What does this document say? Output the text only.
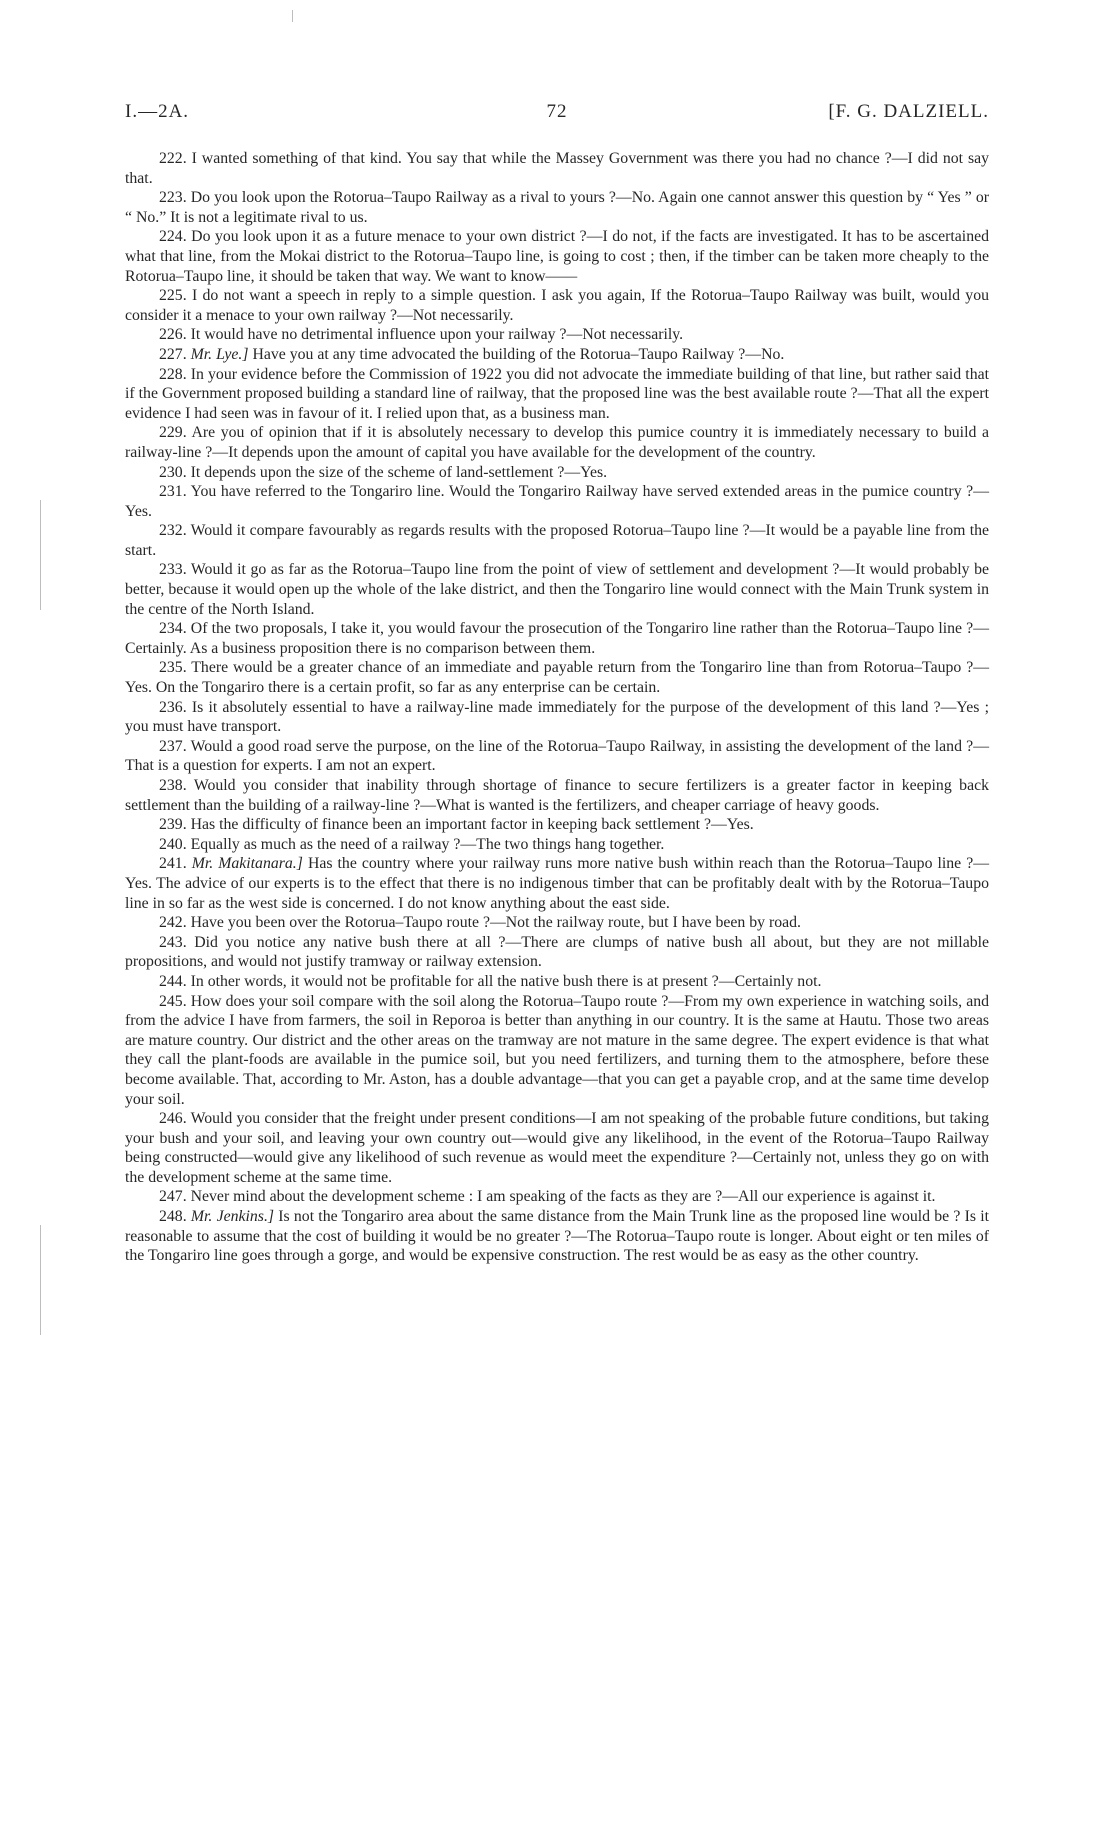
I.—2A.	72	[F. G. DALZIELL.

222. I wanted something of that kind. You say that while the Massey Government was there you had no chance ?—I did not say that.

223. Do you look upon the Rotorua–Taupo Railway as a rival to yours ?—No. Again one cannot answer this question by “ Yes ” or “ No.” It is not a legitimate rival to us.

224. Do you look upon it as a future menace to your own district ?—I do not, if the facts are investigated. It has to be ascertained what that line, from the Mokai district to the Rotorua–Taupo line, is going to cost ; then, if the timber can be taken more cheaply to the Rotorua–Taupo line, it should be taken that way. We want to know——

225. I do not want a speech in reply to a simple question. I ask you again, If the Rotorua–Taupo Railway was built, would you consider it a menace to your own railway ?—Not necessarily.

226. It would have no detrimental influence upon your railway ?—Not necessarily.

227. Mr. Lye.] Have you at any time advocated the building of the Rotorua–Taupo Railway ?—No.

228. In your evidence before the Commission of 1922 you did not advocate the immediate building of that line, but rather said that if the Government proposed building a standard line of railway, that the proposed line was the best available route ?—That all the expert evidence I had seen was in favour of it. I relied upon that, as a business man.

229. Are you of opinion that if it is absolutely necessary to develop this pumice country it is immediately necessary to build a railway-line ?—It depends upon the amount of capital you have available for the development of the country.

230. It depends upon the size of the scheme of land-settlement ?—Yes.

231. You have referred to the Tongariro line. Would the Tongariro Railway have served extended areas in the pumice country ?—Yes.

232. Would it compare favourably as regards results with the proposed Rotorua–Taupo line ?—It would be a payable line from the start.

233. Would it go as far as the Rotorua–Taupo line from the point of view of settlement and development ?—It would probably be better, because it would open up the whole of the lake district, and then the Tongariro line would connect with the Main Trunk system in the centre of the North Island.

234. Of the two proposals, I take it, you would favour the prosecution of the Tongariro line rather than the Rotorua–Taupo line ?—Certainly. As a business proposition there is no comparison between them.

235. There would be a greater chance of an immediate and payable return from the Tongariro line than from Rotorua–Taupo ?—Yes. On the Tongariro there is a certain profit, so far as any enterprise can be certain.

236. Is it absolutely essential to have a railway-line made immediately for the purpose of the development of this land ?—Yes ; you must have transport.

237. Would a good road serve the purpose, on the line of the Rotorua–Taupo Railway, in assisting the development of the land ?—That is a question for experts. I am not an expert.

238. Would you consider that inability through shortage of finance to secure fertilizers is a greater factor in keeping back settlement than the building of a railway-line ?—What is wanted is the fertilizers, and cheaper carriage of heavy goods.

239. Has the difficulty of finance been an important factor in keeping back settlement ?—Yes.

240. Equally as much as the need of a railway ?—The two things hang together.

241. Mr. Makitanara.] Has the country where your railway runs more native bush within reach than the Rotorua–Taupo line ?—Yes. The advice of our experts is to the effect that there is no indigenous timber that can be profitably dealt with by the Rotorua–Taupo line in so far as the west side is concerned. I do not know anything about the east side.

242. Have you been over the Rotorua–Taupo route ?—Not the railway route, but I have been by road.

243. Did you notice any native bush there at all ?—There are clumps of native bush all about, but they are not millable propositions, and would not justify tramway or railway extension.

244. In other words, it would not be profitable for all the native bush there is at present ?—Certainly not.

245. How does your soil compare with the soil along the Rotorua–Taupo route ?—From my own experience in watching soils, and from the advice I have from farmers, the soil in Reporoa is better than anything in our country. It is the same at Hautu. Those two areas are mature country. Our district and the other areas on the tramway are not mature in the same degree. The expert evidence is that what they call the plant-foods are available in the pumice soil, but you need fertilizers, and turning them to the atmosphere, before these become available. That, according to Mr. Aston, has a double advantage—that you can get a payable crop, and at the same time develop your soil.

246. Would you consider that the freight under present conditions—I am not speaking of the probable future conditions, but taking your bush and your soil, and leaving your own country out—would give any likelihood, in the event of the Rotorua–Taupo Railway being constructed—would give any likelihood of such revenue as would meet the expenditure ?—Certainly not, unless they go on with the development scheme at the same time.

247. Never mind about the development scheme : I am speaking of the facts as they are ?—All our experience is against it.

248. Mr. Jenkins.] Is not the Tongariro area about the same distance from the Main Trunk line as the proposed line would be ? Is it reasonable to assume that the cost of building it would be no greater ?—The Rotorua–Taupo route is longer. About eight or ten miles of the Tongariro line goes through a gorge, and would be expensive construction. The rest would be as easy as the other country.
